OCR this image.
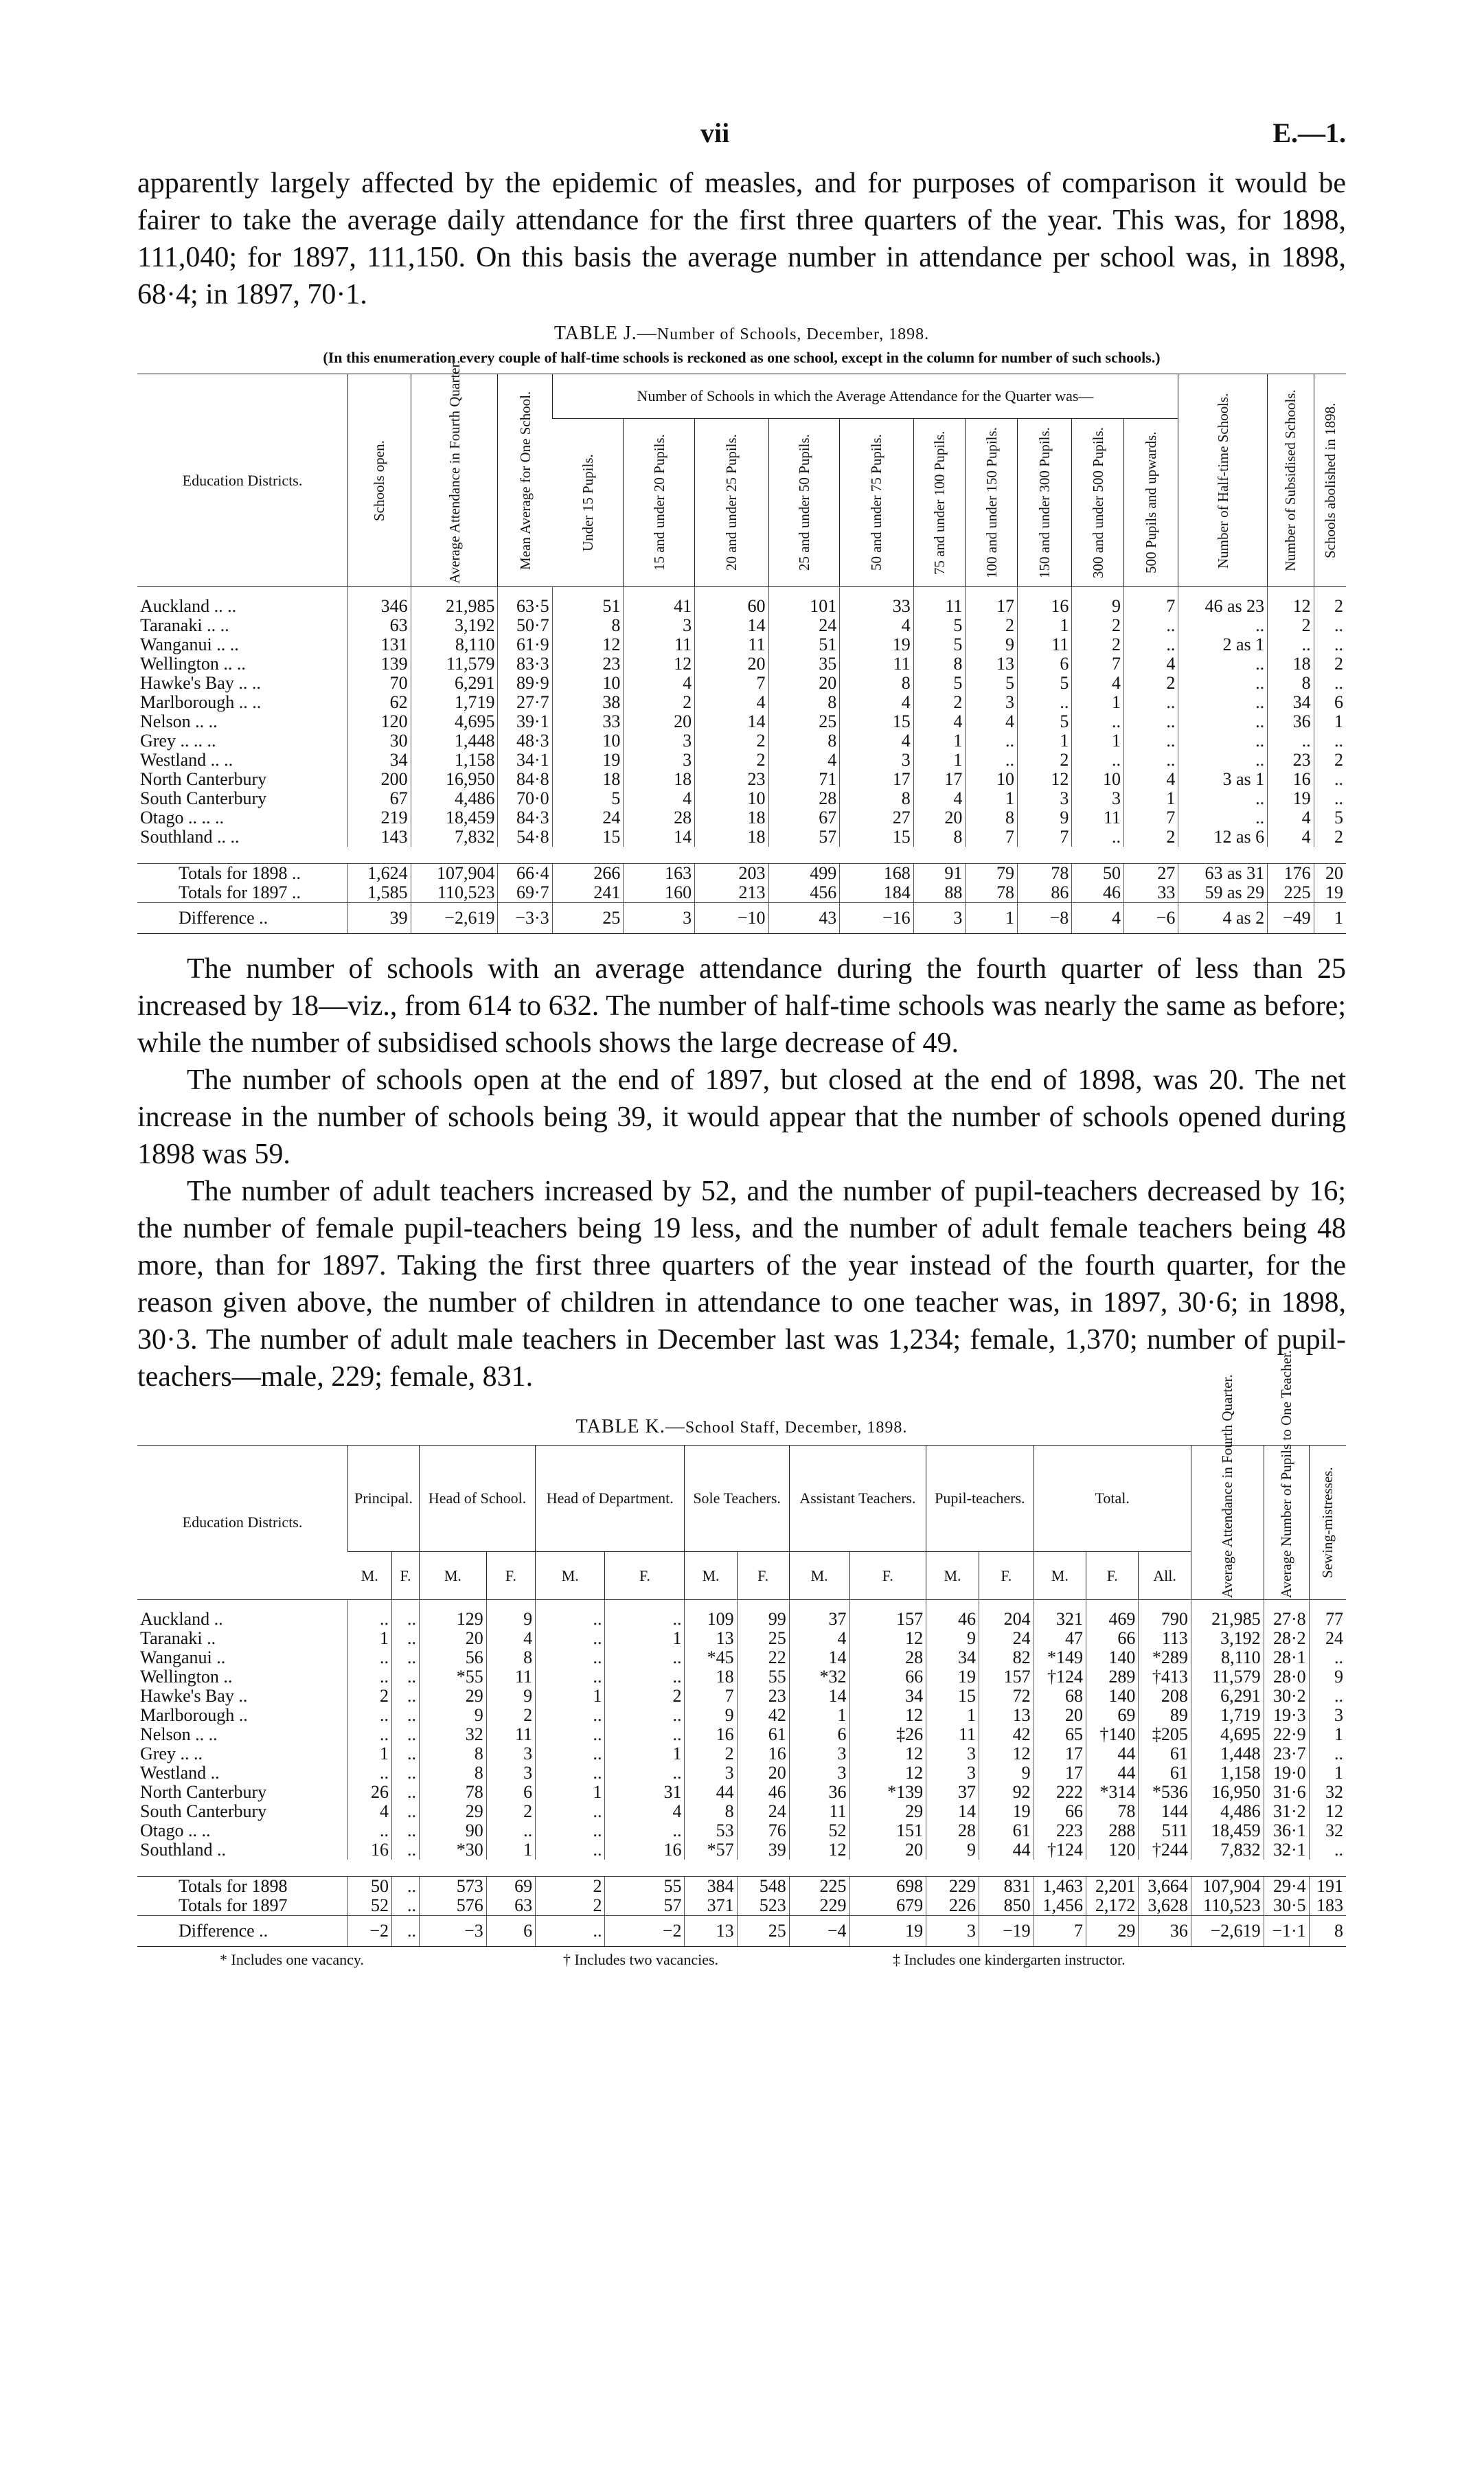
vii	E.—1.

apparently largely affected by the epidemic of measles, and for purposes of comparison it would be fairer to take the average daily attendance for the first three quarters of the year. This was, for 1898, 111,040; for 1897, 111,150. On this basis the average number in attendance per school was, in 1898, 68·4; in 1897, 70·1.

TABLE J.—Number of Schools, December, 1898.
(In this enumeration every couple of half-time schools is reckoned as one school, except in the column for number of such schools.)
Education Districts.	Schools open.	Average Attendance in Fourth Quarter.	Mean Average for One School.	Number of Schools in which the Average Attendance for the Quarter was—										Number of Half-time Schools.	Number of Subsidised Schools.	Schools abolished in 1898.

				Under 15 Pupils.	15 and under 20 Pupils.	20 and under 25 Pupils.	25 and under 50 Pupils.	50 and under 75 Pupils.	75 and under 100 Pupils.	100 and under 150 Pupils.	150 and under 300 Pupils.	300 and under 500 Pupils.	500 Pupils and upwards.			

Auckland .. ..	346	21,985	63·5	51	41	60	101	33	11	17	16	9	7	46 as 23	12	2
Taranaki .. ..	63	3,192	50·7	8	3	14	24	4	5	2	1	2	..	..	2	..
Wanganui .. ..	131	8,110	61·9	12	11	11	51	19	5	9	11	2	..	2 as 1	..	..
Wellington .. ..	139	11,579	83·3	23	12	20	35	11	8	13	6	7	4	..	18	2
Hawke's Bay .. ..	70	6,291	89·9	10	4	7	20	8	5	5	5	4	2	..	8	..
Marlborough .. ..	62	1,719	27·7	38	2	4	8	4	2	3	..	1	..	..	34	6
Nelson .. ..	120	4,695	39·1	33	20	14	25	15	4	4	5	..	..	..	36	1
Grey .. .. ..	30	1,448	48·3	10	3	2	8	4	1	..	1	1	..	..	..	..
Westland .. ..	34	1,158	34·1	19	3	2	4	3	1	..	2	..	..	..	23	2
North Canterbury	200	16,950	84·8	18	18	23	71	17	17	10	12	10	4	3 as 1	16	..
South Canterbury	67	4,486	70·0	5	4	10	28	8	4	1	3	3	1	..	19	..
Otago .. .. ..	219	18,459	84·3	24	28	18	67	27	20	8	9	11	7	..	4	5
Southland .. ..	143	7,832	54·8	15	14	18	57	15	8	7	7	..	2	12 as 6	4	2

Totals for 1898 ..	1,624	107,904	66·4	266	163	203	499	168	91	79	78	50	27	63 as 31	176	20
Totals for 1897 ..	1,585	110,523	69·7	241	160	213	456	184	88	78	86	46	33	59 as 29	225	19
Difference ..	39	−2,619	−3·3	25	3	−10	43	−16	3	1	−8	4	−6	4 as 2	−49	1

The number of schools with an average attendance during the fourth quarter of less than 25 increased by 18—viz., from 614 to 632. The number of half-time schools was nearly the same as before; while the number of subsidised schools shows the large decrease of 49.

The number of schools open at the end of 1897, but closed at the end of 1898, was 20. The net increase in the number of schools being 39, it would appear that the number of schools opened during 1898 was 59.

The number of adult teachers increased by 52, and the number of pupil-teachers decreased by 16; the number of female pupil-teachers being 19 less, and the number of adult female teachers being 48 more, than for 1897. Taking the first three quarters of the year instead of the fourth quarter, for the reason given above, the number of children in attendance to one teacher was, in 1897, 30·6; in 1898, 30·3. The number of adult male teachers in December last was 1,234; female, 1,370; number of pupil-teachers—male, 229; female, 831.

TABLE K.—School Staff, December, 1898.
Education Districts.	Principal.		Head of School.		Head of Department.		Sole Teachers.		Assistant Teachers.		Pupil-teachers.		Total.			Average Attendance in Fourth Quarter.	Average Number of Pupils to One Teacher.	Sewing-mistresses.

	M.	F.	M.	F.	M.	F.	M.	F.	M.	F.	M.	F.	M.	F.	All.			
Auckland ..	..	..	129	9	..	..	109	99	37	157	46	204	321	469	790	21,985	27·8	77
Taranaki ..	1	..	20	4	..	1	13	25	4	12	9	24	47	66	113	3,192	28·2	24
Wanganui ..	..	..	56	8	..	..	*45	22	14	28	34	82	*149	140	*289	8,110	28·1	..
Wellington ..	..	..	*55	11	..	..	18	55	*32	66	19	157	†124	289	†413	11,579	28·0	9
Hawke's Bay ..	2	..	29	9	1	2	7	23	14	34	15	72	68	140	208	6,291	30·2	..
Marlborough ..	..	..	9	2	..	..	9	42	1	12	1	13	20	69	89	1,719	19·3	3
Nelson .. ..	..	..	32	11	..	..	16	61	6	‡26	11	42	65	†140	‡205	4,695	22·9	1
Grey .. ..	1	..	8	3	..	1	2	16	3	12	3	12	17	44	61	1,448	23·7	..
Westland ..	..	..	8	3	..	..	3	20	3	12	3	9	17	44	61	1,158	19·0	1
North Canterbury	26	..	78	6	1	31	44	46	36	*139	37	92	222	*314	*536	16,950	31·6	32
South Canterbury	4	..	29	2	..	4	8	24	11	29	14	19	66	78	144	4,486	31·2	12
Otago .. ..	..	..	90	..	..	..	53	76	52	151	28	61	223	288	511	18,459	36·1	32
Southland ..	16	..	*30	1	..	16	*57	39	12	20	9	44	†124	120	†244	7,832	32·1	..

Totals for 1898	50	..	573	69	2	55	384	548	225	698	229	831	1,463	2,201	3,664	107,904	29·4	191
Totals for 1897	52	..	576	63	2	57	371	523	229	679	226	850	1,456	2,172	3,628	110,523	30·5	183
Difference ..	−2	..	−3	6	..	−2	13	25	−4	19	3	−19	7	29	36	−2,619	−1·1	8
* Includes one vacancy.	† Includes two vacancies.	‡ Includes one kindergarten instructor.
